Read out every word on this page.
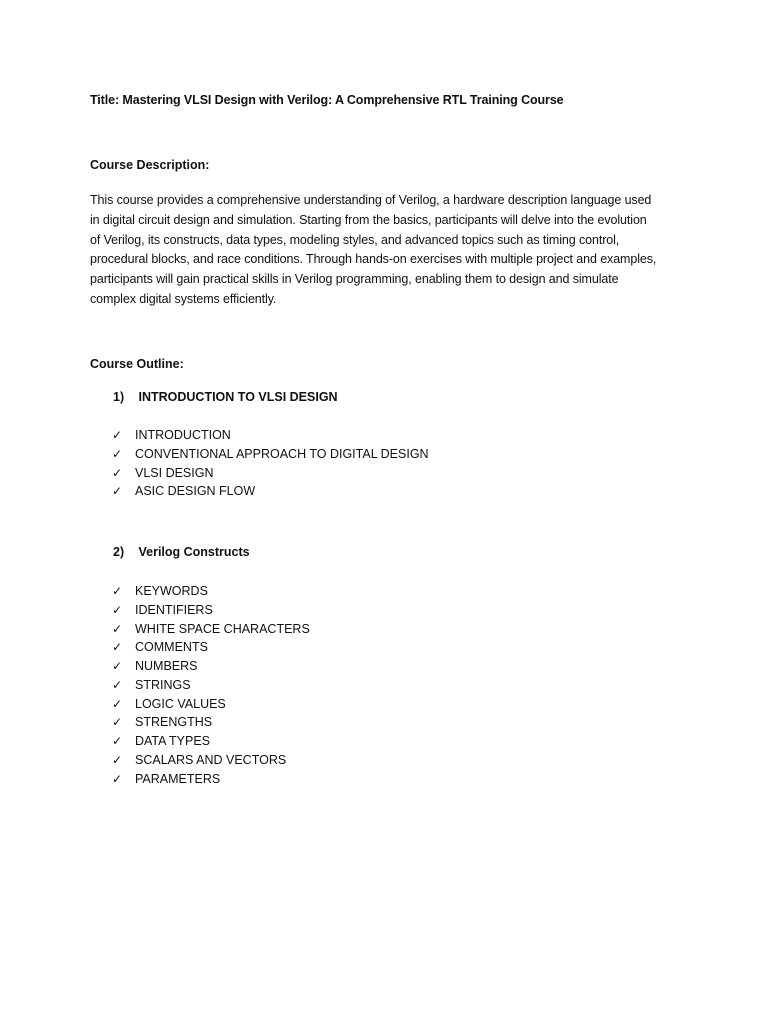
Title: Mastering VLSI Design with Verilog: A Comprehensive RTL Training Course
Course Description:
This course provides a comprehensive understanding of Verilog, a hardware description language used
in digital circuit design and simulation. Starting from the basics, participants will delve into the evolution
of Verilog, its constructs, data types, modeling styles, and advanced topics such as timing control,
procedural blocks, and race conditions. Through hands-on exercises with multiple project and examples,
participants will gain practical skills in Verilog programming, enabling them to design and simulate
complex digital systems efficiently.
Course Outline:
1) INTRODUCTION TO VLSI DESIGN
✓	INTRODUCTION
✓	CONVENTIONAL APPROACH TO DIGITAL DESIGN
✓	VLSI DESIGN
✓	ASIC DESIGN FLOW
2) Verilog Constructs
✓	KEYWORDS
✓	IDENTIFIERS
✓	WHITE SPACE CHARACTERS
✓	COMMENTS
✓	NUMBERS
✓	STRINGS
✓	LOGIC VALUES
✓	STRENGTHS
✓	DATA TYPES
✓	SCALARS AND VECTORS
✓	PARAMETERS
